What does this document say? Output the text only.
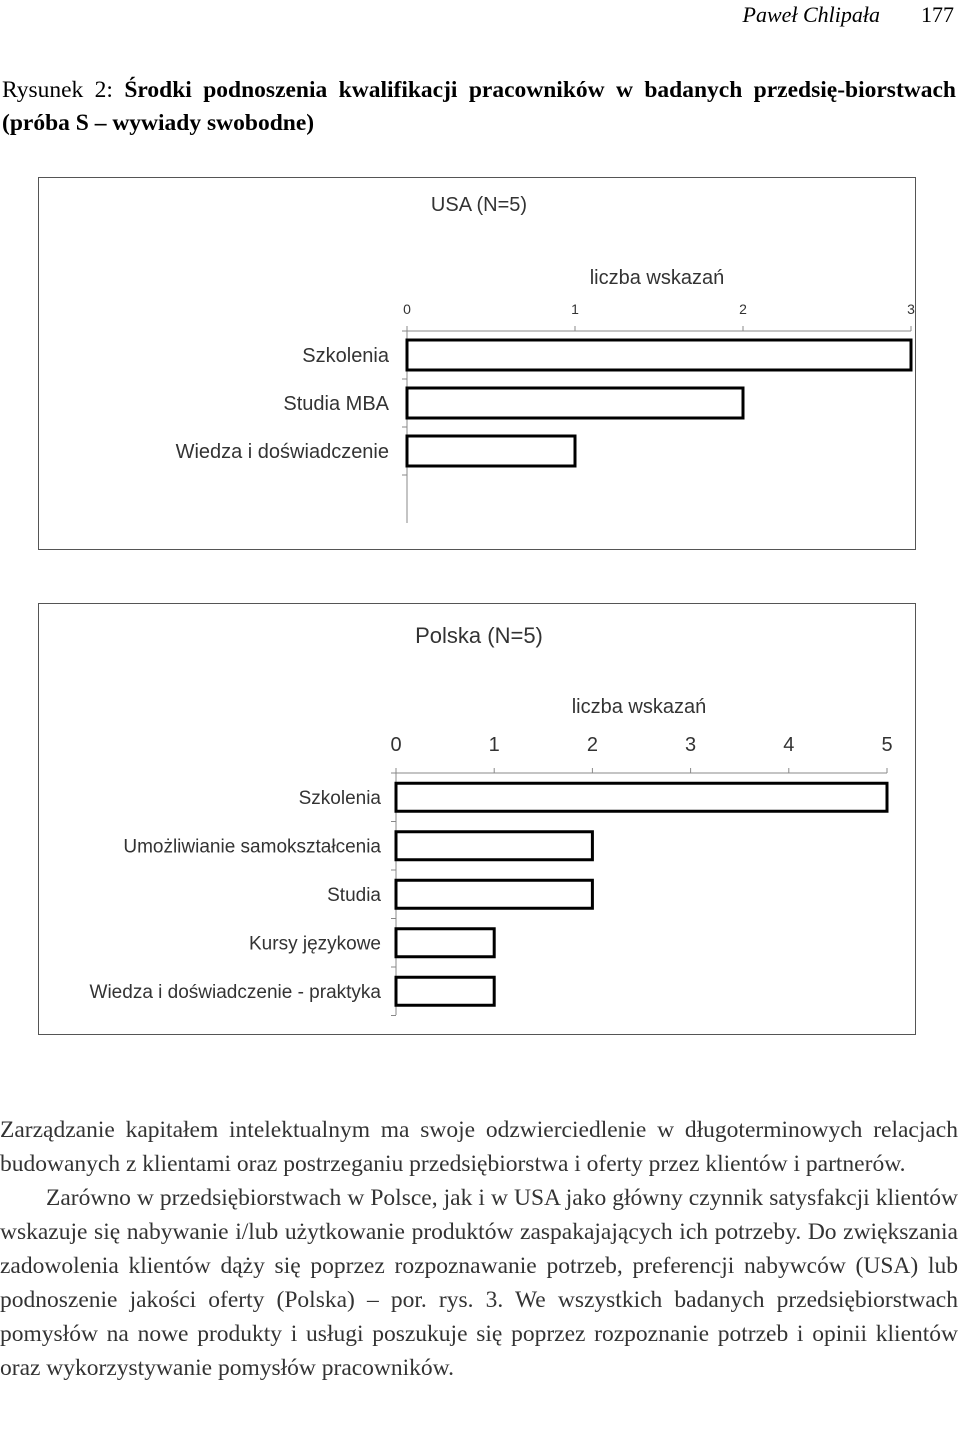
Paweł Chlipała 177
Rysunek 2: Środki podnoszenia kwalifikacji pracowników w badanych przedsię-biorstwach (próba S – wywiady swobodne)
USA (N=5)
liczba wskazań
0	1	2	3
Szkolenia
Studia MBA
Wiedza i doświadczenie
Polska (N=5)
liczba wskazań
0	1	2	3	4	5
Szkolenia
Umożliwianie samokształcenia
Studia
Kursy językowe
Wiedza i doświadczenie - praktyka

Zarządzanie kapitałem intelektualnym ma swoje odzwierciedlenie w długoterminowych relacjach budowanych z klientami oraz postrzeganiu przedsiębiorstwa i oferty przez klientów i partnerów.

Zarówno w przedsiębiorstwach w Polsce, jak i w USA jako główny czynnik satysfakcji klientów wskazuje się nabywanie i/lub użytkowanie produktów zaspakajających ich potrzeby. Do zwiększania zadowolenia klientów dąży się poprzez rozpoznawanie potrzeb, preferencji nabywców (USA) lub podnoszenie jakości oferty (Polska) – por. rys. 3. We wszystkich badanych przedsiębiorstwach pomysłów na nowe produkty i usługi poszukuje się poprzez rozpoznanie potrzeb i opinii klientów oraz wykorzystywanie pomysłów pracowników.
